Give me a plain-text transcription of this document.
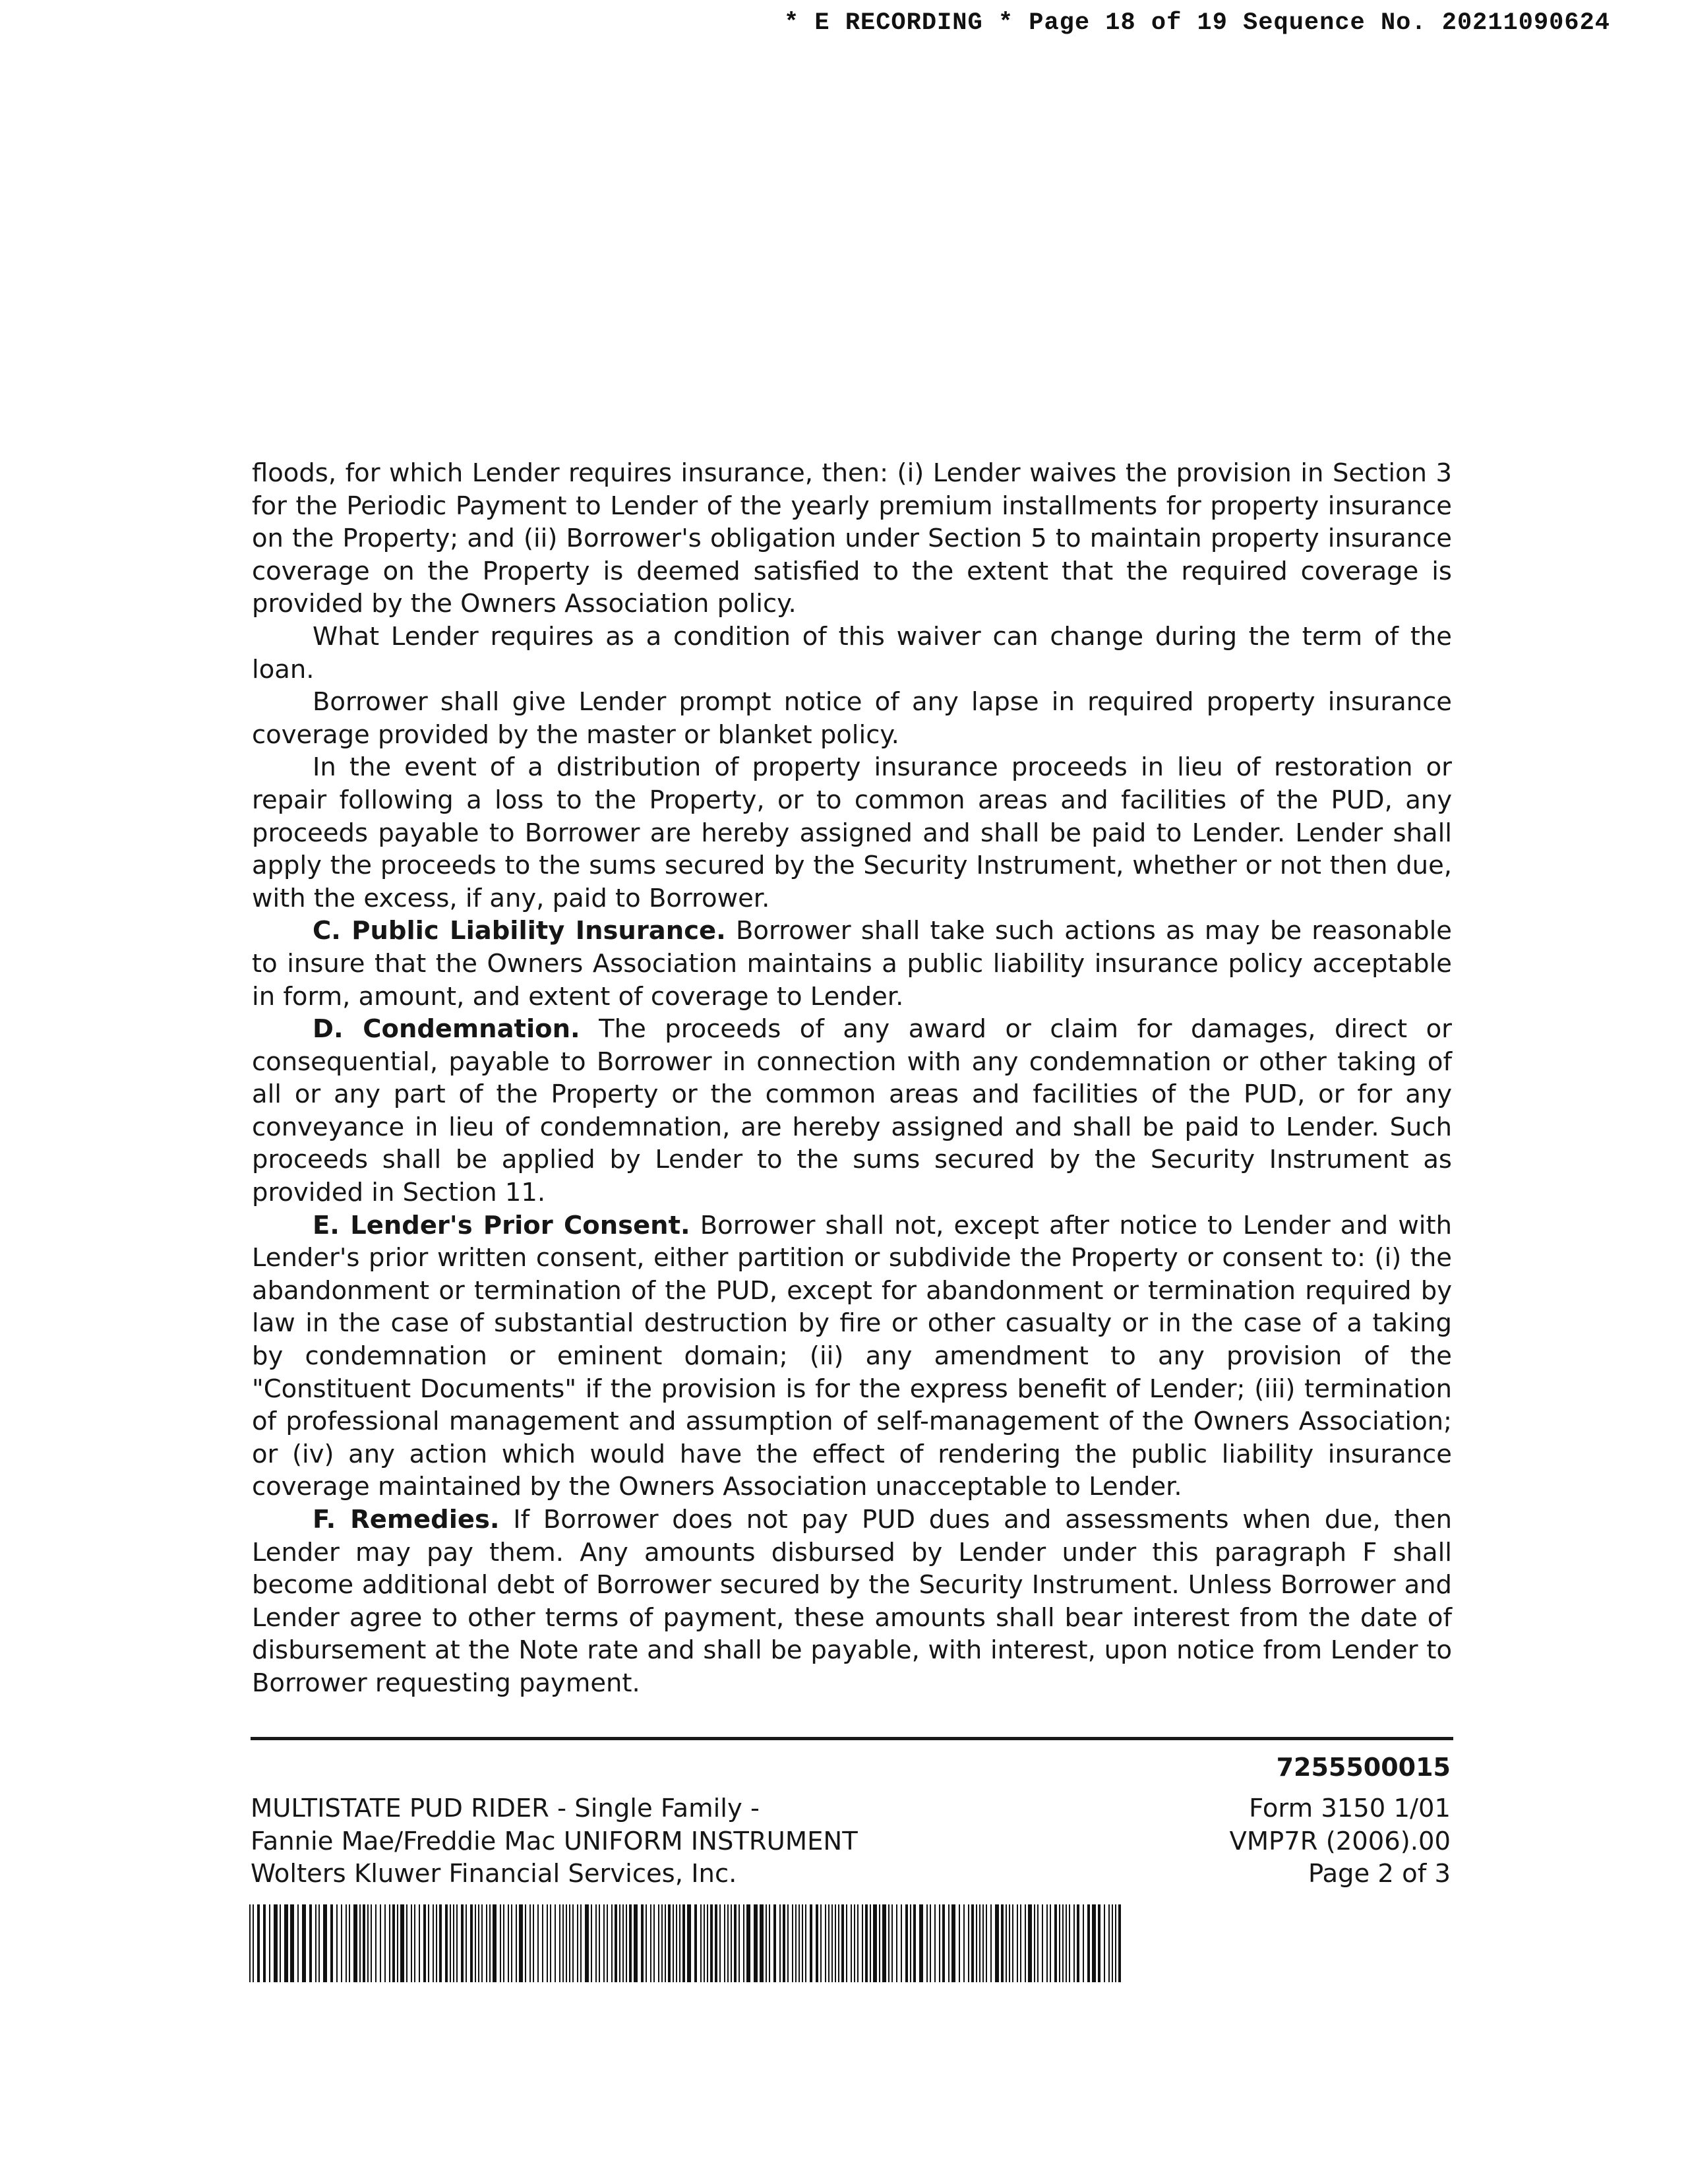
* E RECORDING * Page 18 of 19 Sequence No. 20211090624

floods, for which Lender requires insurance, then: (i) Lender waives the provision in Section 3 for the Periodic Payment to Lender of the yearly premium installments for property insurance on the Property; and (ii) Borrower's obligation under Section 5 to maintain property insurance coverage on the Property is deemed satisfied to the extent that the required coverage is provided by the Owners Association policy.

What Lender requires as a condition of this waiver can change during the term of the loan.

Borrower shall give Lender prompt notice of any lapse in required property insurance coverage provided by the master or blanket policy.

In the event of a distribution of property insurance proceeds in lieu of restoration or repair following a loss to the Property, or to common areas and facilities of the PUD, any proceeds payable to Borrower are hereby assigned and shall be paid to Lender. Lender shall apply the proceeds to the sums secured by the Security Instrument, whether or not then due, with the excess, if any, paid to Borrower.

C. Public Liability Insurance. Borrower shall take such actions as may be reasonable to insure that the Owners Association maintains a public liability insurance policy acceptable in form, amount, and extent of coverage to Lender.

D. Condemnation. The proceeds of any award or claim for damages, direct or consequential, payable to Borrower in connection with any condemnation or other taking of all or any part of the Property or the common areas and facilities of the PUD, or for any conveyance in lieu of condemnation, are hereby assigned and shall be paid to Lender. Such proceeds shall be applied by Lender to the sums secured by the Security Instrument as provided in Section 11.

E. Lender's Prior Consent. Borrower shall not, except after notice to Lender and with Lender's prior written consent, either partition or subdivide the Property or consent to: (i) the abandonment or termination of the PUD, except for abandonment or termination required by law in the case of substantial destruction by fire or other casualty or in the case of a taking by condemnation or eminent domain; (ii) any amendment to any provision of the "Constituent Documents" if the provision is for the express benefit of Lender; (iii) termination of professional management and assumption of self-management of the Owners Association; or (iv) any action which would have the effect of rendering the public liability insurance coverage maintained by the Owners Association unacceptable to Lender.

F. Remedies. If Borrower does not pay PUD dues and assessments when due, then Lender may pay them. Any amounts disbursed by Lender under this paragraph F shall become additional debt of Borrower secured by the Security Instrument. Unless Borrower and Lender agree to other terms of payment, these amounts shall bear interest from the date of disbursement at the Note rate and shall be payable, with interest, upon notice from Lender to Borrower requesting payment.

7255500015
MULTISTATE PUD RIDER - Single Family -
Fannie Mae/Freddie Mac UNIFORM INSTRUMENT
Wolters Kluwer Financial Services, Inc.
Form 3150 1/01
VMP7R (2006).00
Page 2 of 3
